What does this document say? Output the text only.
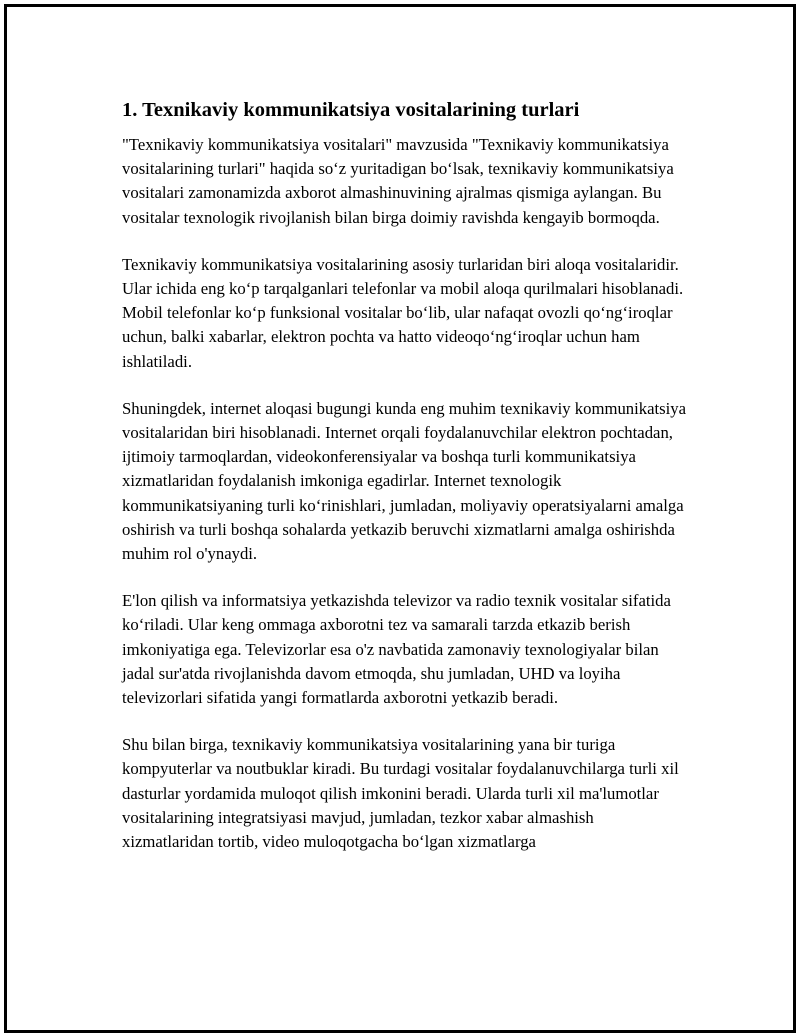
1. Texnikaviy kommunikatsiya vositalarining turlari

"Texnikaviy kommunikatsiya vositalari" mavzusida "Texnikaviy kommunikatsiya vositalarining turlari" haqida so‘z yuritadigan bo‘lsak, texnikaviy kommunikatsiya vositalari zamonamizda axborot almashinuvining ajralmas qismiga aylangan. Bu vositalar texnologik rivojlanish bilan birga doimiy ravishda kengayib bormoqda.

Texnikaviy kommunikatsiya vositalarining asosiy turlaridan biri aloqa vositalaridir. Ular ichida eng ko‘p tarqalganlari telefonlar va mobil aloqa qurilmalari hisoblanadi. Mobil telefonlar ko‘p funksional vositalar bo‘lib, ular nafaqat ovozli qo‘ng‘iroqlar uchun, balki xabarlar, elektron pochta va hatto videoqo‘ng‘iroqlar uchun ham ishlatiladi.

Shuningdek, internet aloqasi bugungi kunda eng muhim texnikaviy kommunikatsiya vositalaridan biri hisoblanadi. Internet orqali foydalanuvchilar elektron pochtadan, ijtimoiy tarmoqlardan, videokonferensiyalar va boshqa turli kommunikatsiya xizmatlaridan foydalanish imkoniga egadirlar. Internet texnologik kommunikatsiyaning turli ko‘rinishlari, jumladan, moliyaviy operatsiyalarni amalga oshirish va turli boshqa sohalarda yetkazib beruvchi xizmatlarni amalga oshirishda muhim rol o'ynaydi.

E'lon qilish va informatsiya yetkazishda televizor va radio texnik vositalar sifatida ko‘riladi. Ular keng ommaga axborotni tez va samarali tarzda etkazib berish imkoniyatiga ega. Televizorlar esa o'z navbatida zamonaviy texnologiyalar bilan jadal sur'atda rivojlanishda davom etmoqda, shu jumladan, UHD va loyiha televizorlari sifatida yangi formatlarda axborotni yetkazib beradi.

Shu bilan birga, texnikaviy kommunikatsiya vositalarining yana bir turiga kompyuterlar va noutbuklar kiradi. Bu turdagi vositalar foydalanuvchilarga turli xil dasturlar yordamida muloqot qilish imkonini beradi. Ularda turli xil ma'lumotlar vositalarining integratsiyasi mavjud, jumladan, tezkor xabar almashish xizmatlaridan tortib, video muloqotgacha bo‘lgan xizmatlarga
